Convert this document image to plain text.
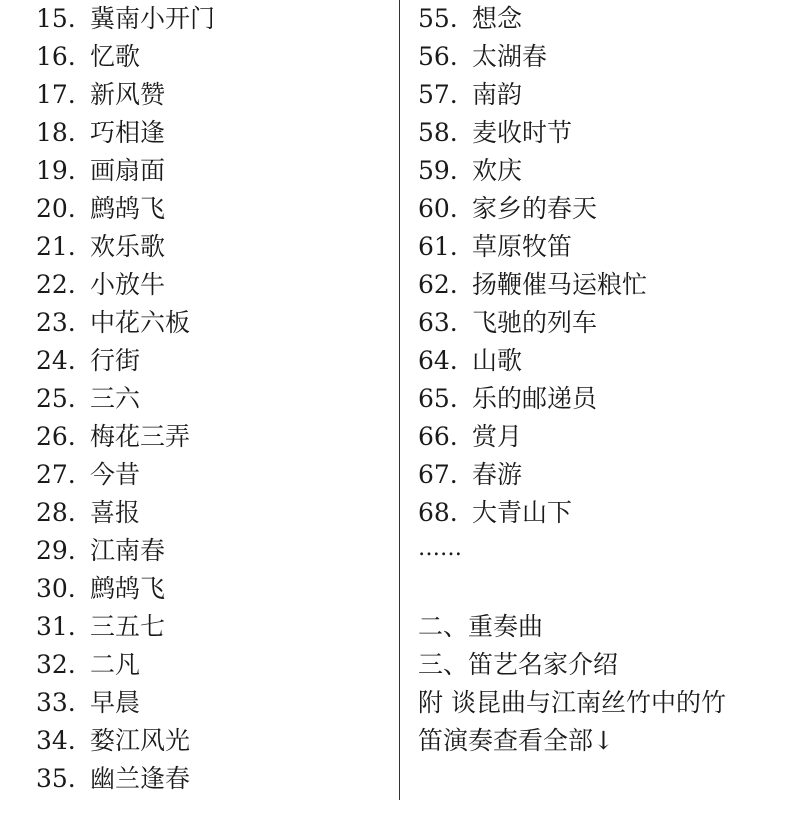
15. 冀南小开门
16. 忆歌
17. 新风赞
18. 巧相逢
19. 画扇面
20. 鹧鸪飞
21. 欢乐歌
22. 小放牛
23. 中花六板
24. 行街
25. 三六
26. 梅花三弄
27. 今昔
28. 喜报
29. 江南春
30. 鹧鸪飞
31. 三五七
32. 二凡
33. 早晨
34. 婺江风光
35. 幽兰逢春
55. 想念
56. 太湖春
57. 南韵
58. 麦收时节
59. 欢庆
60. 家乡的春天
61. 草原牧笛
62. 扬鞭催马运粮忙
63. 飞驰的列车
64. 山歌
65. 乐的邮递员
66. 赏月
67. 春游
68. 大青山下
……
二、重奏曲
三、笛艺名家介绍
附 谈昆曲与江南丝竹中的竹
笛演奏查看全部↓
